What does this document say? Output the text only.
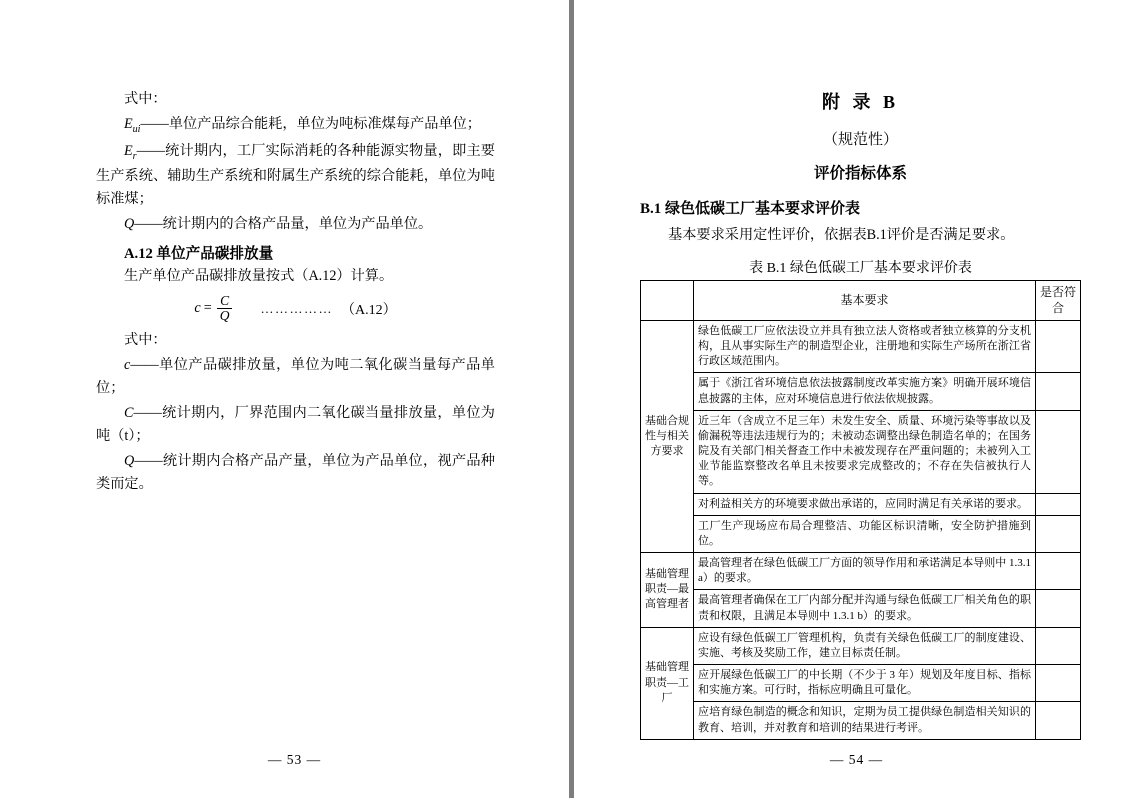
式中：

$E_{ui}——$单位产品综合能耗，单位为吨标准煤每产品单位；

$E_r——$统计期内，工厂实际消耗的各种能源实物量，即主要生产系统、辅助生产系统和附属生产系统的综合能耗，单位为吨标准煤；

Q——统计期内的合格产品量，单位为产品单位。

A.12 单位产品碳排放量

生产单位产品碳排放量按式（A.12）计算。

$c = \frac{C}{Q}$ …………… （A.12）

式中：

c——单位产品碳排放量，单位为吨二氧化碳当量每产品单位；

C——统计期内，厂界范围内二氧化碳当量排放量，单位为吨（t）；

Q——统计期内合格产品产量，单位为产品单位，视产品种类而定。

— 53 —
附 录 B
（规范性）
评价指标体系
B.1 绿色低碳工厂基本要求评价表
基本要求采用定性评价，依据表B.1评价是否满足要求。
表 B.1 绿色低碳工厂基本要求评价表
	基本要求	是否符合
基础合规性与相关方要求	绿色低碳工厂应依法设立并具有独立法人资格或者独立核算的分支机构，且从事实际生产的制造型企业，注册地和实际生产场所在浙江省行政区域范围内。	
	属于《浙江省环境信息依法披露制度改革实施方案》明确开展环境信息披露的主体，应对环境信息进行依法依规披露。	
	近三年（含成立不足三年）未发生安全、质量、环境污染等事故以及偷漏税等违法违规行为的；未被动态调整出绿色制造名单的；在国务院及有关部门相关督查工作中未被发现存在严重问题的；未被列入工业节能监察整改名单且未按要求完成整改的；不存在失信被执行人等。	
	对利益相关方的环境要求做出承诺的，应同时满足有关承诺的要求。	
	工厂生产现场应布局合理整洁、功能区标识清晰，安全防护措施到位。	
基础管理职责—最高管理者	最高管理者在绿色低碳工厂方面的领导作用和承诺满足本导则中 1.3.1 a）的要求。	
	最高管理者确保在工厂内部分配并沟通与绿色低碳工厂相关角色的职责和权限，且满足本导则中 1.3.1 b）的要求。	
基础管理职责—工厂	应设有绿色低碳工厂管理机构，负责有关绿色低碳工厂的制度建设、实施、考核及奖励工作，建立目标责任制。	
	应开展绿色低碳工厂的中长期（不少于 3 年）规划及年度目标、指标和实施方案。可行时，指标应明确且可量化。	
	应培育绿色制造的概念和知识，定期为员工提供绿色制造相关知识的教育、培训，并对教育和培训的结果进行考评。	
— 54 —
